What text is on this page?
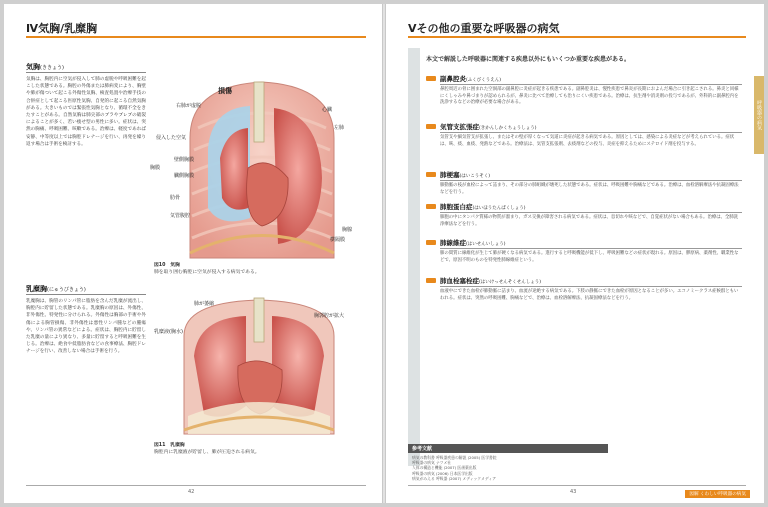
Ⅳ気胸/乳糜胸
気胸(ききょう)
気胸は、胸腔内に空気が侵入して肺の虚脱や呼吸困難を起こした状態である。胸腔の外傷または肺病変により、胸壁や肺が傷ついて起こる外傷性気胸、検査処置や治療手技の合併症として起こる医原性気胸、自発的に起こる自然気胸がある。大きいものでは緊張性気胸となり、循環不全をきたすことがある。自然気胸は肺尖部のブラやブレブの破裂によることが多く、若い痩せ型の男性に多い。症状は、突然の胸痛、呼吸困難、咳嗽である。治療は、軽度であれば安静、中等度以上では胸腔ドレナージを行い、再発を繰り返す場合は手術を検討する。
損傷
右肺が虚脱
侵入した空気
壁側胸膜
胸膜
臓側胸膜
肋骨
気管腹腔
心臓
左肺
横隔膜
胸腺
図10　気胸
肺を取り囲む胸腔に空気が侵入する病気である。
乳糜胸(にゅうびきょう)
乳糜胸は、胸管のリンパ管に脂肪を含んだ乳糜が流出し、胸腔内に貯留した状態である。乳糜胸の原因は、外傷性、非外傷性、特発性に分けられる。外傷性は胸部の手術や外傷による胸管損傷、非外傷性は悪性リンパ腫などの腫瘍や、リンパ管の異常などによる。症状は、胸腔内に貯留した乳糜の量により異なり、多量に貯留すると呼吸困難を生じる。治療は、絶食や低脂肪食などの食事療法、胸腔ドレナージを行い、改善しない場合は手術を行う。
肺が萎縮
乳糜液(胸水)
胸郭腔が拡大
図11　乳糜胸
胸腔内に乳糜液が貯留し、肺が圧迫される病気。
42
Ⅴその他の重要な呼吸器の病気
本文で解説した呼吸器に関連する疾患以外にもいくつか重要な疾患がある。
呼吸器の病気
副鼻腔炎(ふくびくうえん)
鼻腔周辺の骨に囲まれた空洞部の副鼻腔に炎症が起きる疾患である。副鼻腔炎は、慢性疾患で鼻炎が長期におよんだ場合に引き起こされる。鼻炎と同様にくしゃみや鼻づまりが認められるが、鼻炎に比べて治療しても治りにくい疾患である。治療は、抗生剤や消炎剤の投与であるが、外科的に副鼻腔内を洗浄するなどの治療が必要な場合がある。
気管支拡張症(きかんしかくちょうしょう)
気管支や細気管支が拡張し、またはその壁が厚くなって気道に炎症が起きる病気である。原因としては、感染による炎症などが考えられている。症状は、咳、痰、血痰、発熱などである。治療法は、気管支拡張剤、去痰剤などの投与、炎症を抑えるためにステロイド剤を投与する。
肺梗塞(はいこうそく)
肺動脈の枝が血栓によって詰まり、その部分の肺組織が壊死した状態である。症状は、呼吸困難や胸痛などである。治療は、血栓溶解療法や抗凝固療法などを行う。
肺胞蛋白症(はいほうたんぱくしょう)
肺胞の中にタンパク質様の物質が溜まり、ガス交換が障害される病気である。症状は、息切れや咳などで、自覚症状がない場合もある。治療は、全肺洗浄療法などを行う。
肺線維症(はいせんいしょう)
肺の間質に線維化が生じて肺が硬くなる病気である。進行すると呼吸機能が低下し、呼吸困難などの症状が現れる。原因は、膠原病、薬剤性、職業性などで、原因不明のものを特発性肺線維症という。
肺血栓塞栓症(はいけっせんそくせんしょう)
血液中にできた血栓が肺動脈に詰まり、血流が途絶する病気である。下肢の静脈にできた血栓が原因となることが多い。エコノミークラス症候群ともいわれる。症状は、突然の呼吸困難、胸痛などで、治療は、血栓溶解療法、抗凝固療法などを行う。
参考文献
病気の教科書 呼吸器疾患の解説 (2005) 医学書院
呼吸器の病気 ナツメ社
人体の構造と機能 (2007) 医歯薬出版
呼吸器の病気 (2006) 日本医学出版
病気がみえる 呼吸器 (2007) メディックメディア
43	図解 くわしい呼吸器の病気
